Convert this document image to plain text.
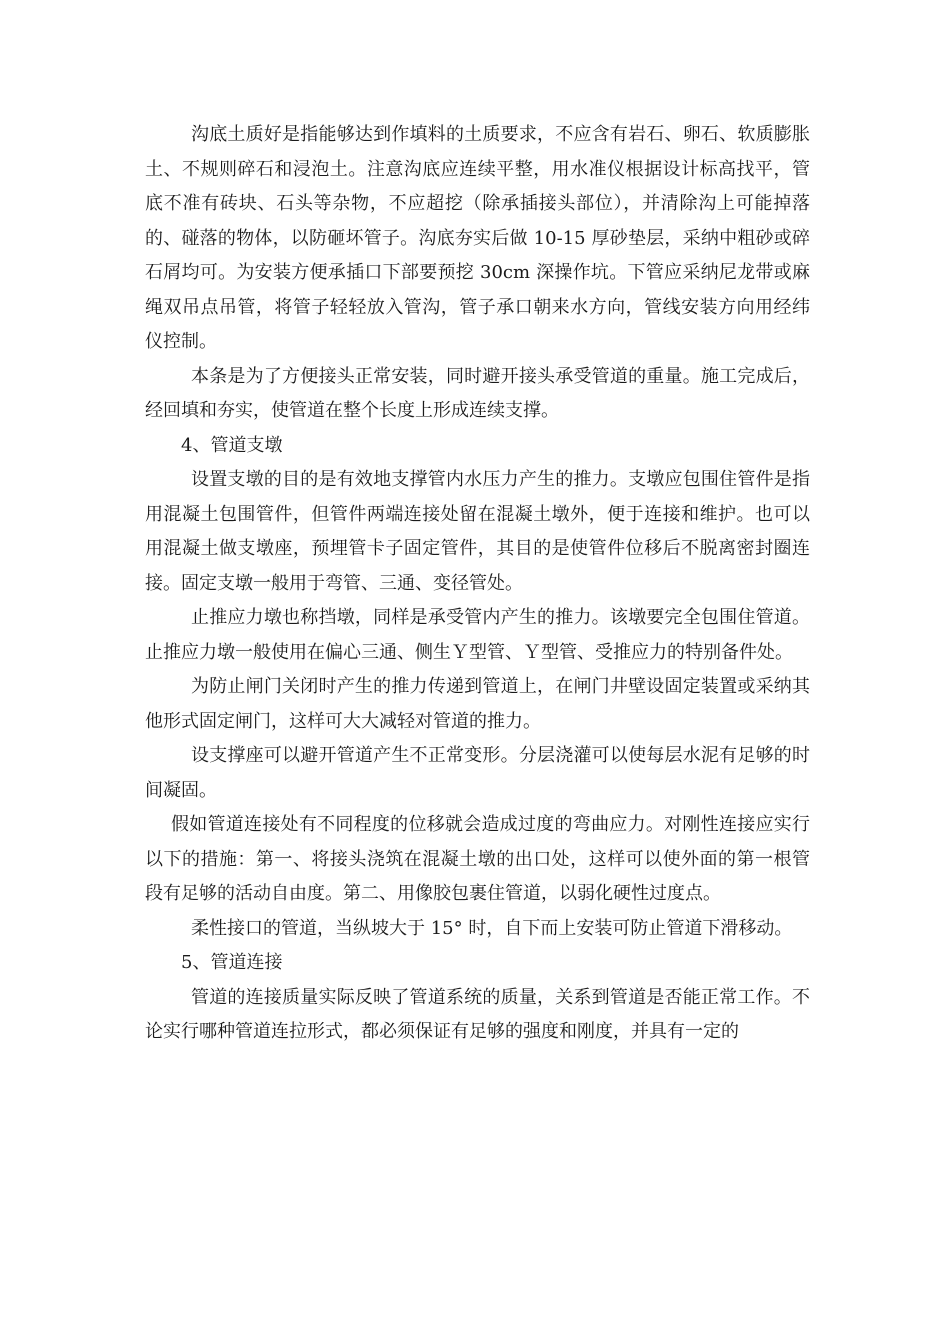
沟底土质好是指能够达到作填料的土质要求，不应含有岩石、卵石、软质膨胀土、不规则碎石和浸泡土。注意沟底应连续平整，用水准仪根据设计标高找平，管底不准有砖块、石头等杂物，不应超挖（除承插接头部位），并清除沟上可能掉落的、碰落的物体，以防砸坏管子。沟底夯实后做 10-15 厚砂垫层，采纳中粗砂或碎石屑均可。为安装方便承插口下部要预挖 30cm 深操作坑。下管应采纳尼龙带或麻绳双吊点吊管，将管子轻轻放入管沟，管子承口朝来水方向，管线安装方向用经纬仪控制。

本条是为了方便接头正常安装，同时避开接头承受管道的重量。施工完成后，经回填和夯实，使管道在整个长度上形成连续支撑。

4、管道支墩

设置支墩的目的是有效地支撑管内水压力产生的推力。支墩应包围住管件是指用混凝土包围管件，但管件两端连接处留在混凝土墩外，便于连接和维护。也可以用混凝土做支墩座，预埋管卡子固定管件，其目的是使管件位移后不脱离密封圈连接。固定支墩一般用于弯管、三通、变径管处。

止推应力墩也称挡墩，同样是承受管内产生的推力。该墩要完全包围住管道。止推应力墩一般使用在偏心三通、侧生Ｙ型管、Ｙ型管、受推应力的特别备件处。

为防止闸门关闭时产生的推力传递到管道上，在闸门井壁设固定装置或采纳其他形式固定闸门，这样可大大减轻对管道的推力。

设支撑座可以避开管道产生不正常变形。分层浇灌可以使每层水泥有足够的时间凝固。

假如管道连接处有不同程度的位移就会造成过度的弯曲应力。对刚性连接应实行以下的措施：第一、将接头浇筑在混凝土墩的出口处，这样可以使外面的第一根管段有足够的活动自由度。第二、用像胶包裹住管道，以弱化硬性过度点。

柔性接口的管道，当纵坡大于 15° 时，自下而上安装可防止管道下滑移动。

5、管道连接

管道的连接质量实际反映了管道系统的质量，关系到管道是否能正常工作。不论实行哪种管道连拉形式，都必须保证有足够的强度和刚度，并具有一定的
